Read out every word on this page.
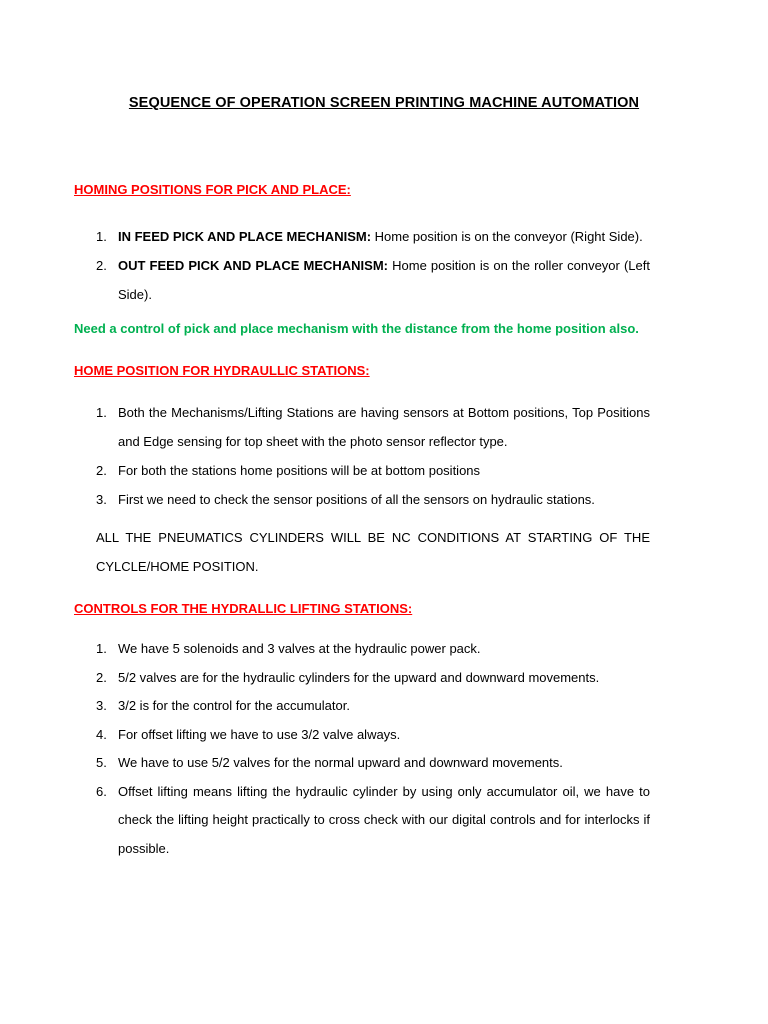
SEQUENCE OF OPERATION SCREEN PRINTING MACHINE AUTOMATION
HOMING POSITIONS FOR PICK AND PLACE:
1. IN FEED PICK AND PLACE MECHANISM: Home position is on the conveyor (Right Side).
2. OUT FEED PICK AND PLACE MECHANISM: Home position is on the roller conveyor (Left Side).
Need a control of pick and place mechanism with the distance from the home position also.
HOME POSITION FOR HYDRAULLIC STATIONS:
1. Both the Mechanisms/Lifting Stations are having sensors at Bottom positions, Top Positions and Edge sensing for top sheet with the photo sensor reflector type.
2. For both the stations home positions will be at bottom positions
3. First we need to check the sensor positions of all the sensors on hydraulic stations.
ALL THE PNEUMATICS CYLINDERS WILL BE NC CONDITIONS AT STARTING OF THE CYLCLE/HOME POSITION.
CONTROLS FOR THE HYDRALLIC LIFTING STATIONS:
1. We have 5 solenoids and 3 valves at the hydraulic power pack.
2. 5/2 valves are for the hydraulic cylinders for the upward and downward movements.
3. 3/2 is for the control for the accumulator.
4. For offset lifting we have to use 3/2 valve always.
5. We have to use 5/2 valves for the normal upward and downward movements.
6. Offset lifting means lifting the hydraulic cylinder by using only accumulator oil, we have to check the lifting height practically to cross check with our digital controls and for interlocks if possible.
